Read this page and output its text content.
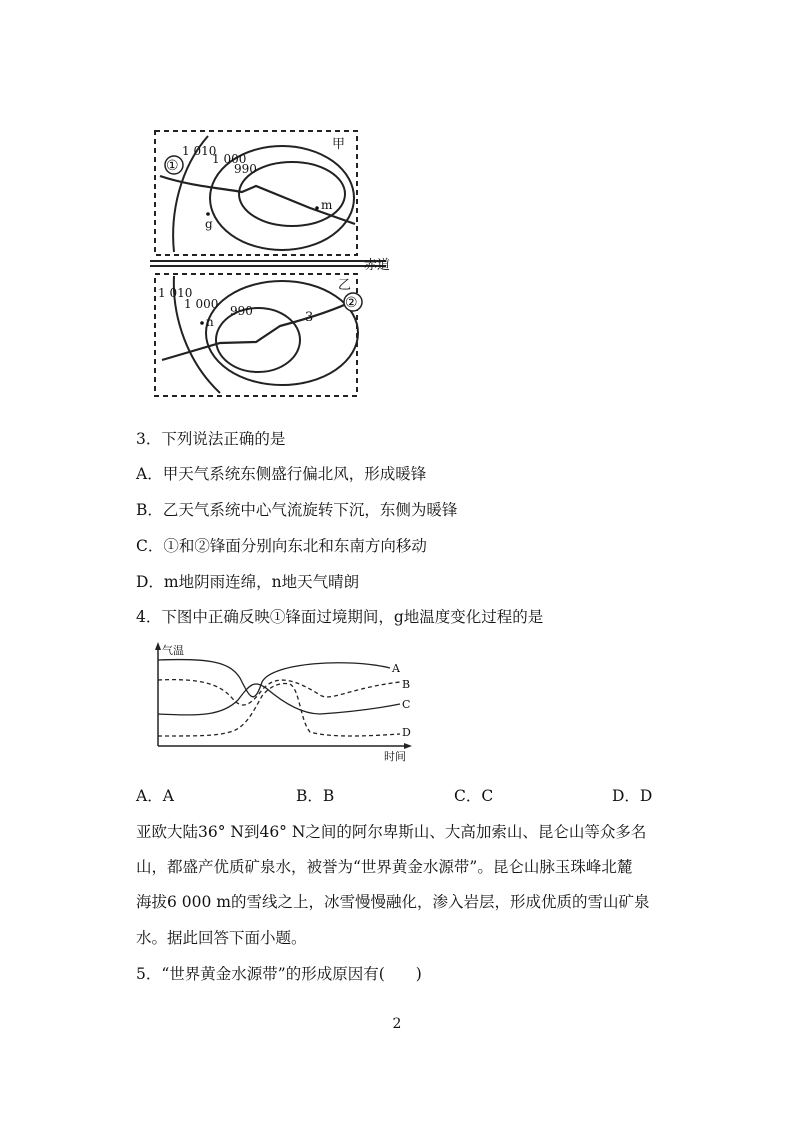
甲
1 010
1 000
990
①
m
g
赤道
乙
1 010
1 000 990	②
n	3
3．下列说法正确的是
A．甲天气系统东侧盛行偏北风，形成暖锋
B．乙天气系统中心气流旋转下沉，东侧为暖锋
C．①和②锋面分别向东北和东南方向移动
D．m地阴雨连绵，n地天气晴朗
4．下图中正确反映①锋面过境期间，g地温度变化过程的是
气温
时间
A
B
C
D
A．A	B．B	C．C	D．D
亚欧大陆36° N到46° N之间的阿尔卑斯山、大高加索山、昆仑山等众多名
山，都盛产优质矿泉水，被誉为“世界黄金水源带”。昆仑山脉玉珠峰北麓
海拔6 000 m的雪线之上，冰雪慢慢融化，渗入岩层，形成优质的雪山矿泉
水。据此回答下面小题。
5．“世界黄金水源带”的形成原因有(　　)
2
